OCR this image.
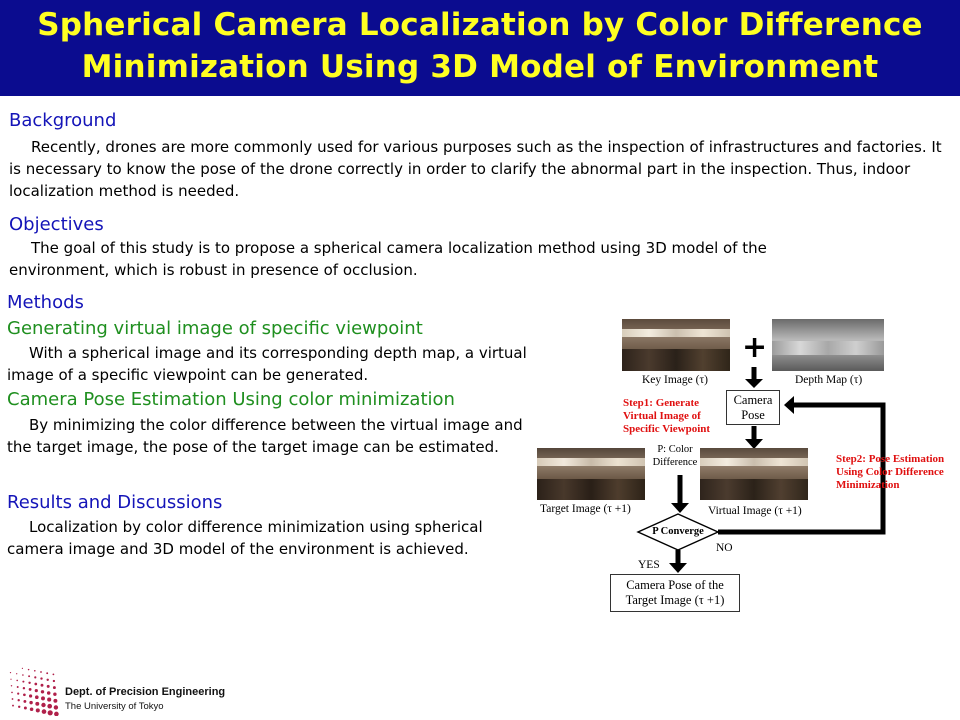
Spherical Camera Localization by Color Difference
Minimization Using 3D Model of Environment
Background
Recently, drones are more commonly used for various purposes such as the inspection of infrastructures and factories. It is necessary to know the pose of the drone correctly in order to clarify the abnormal part in the inspection. Thus, indoor localization method is needed.
Objectives
The goal of this study is to propose a spherical camera localization method using 3D model of the environment, which is robust in presence of occlusion.
Methods
Generating virtual image of specific viewpoint
With a spherical image and its corresponding depth map, a virtual image of a specific viewpoint can be generated.
Camera Pose Estimation Using color minimization
By minimizing the color difference between the virtual image and the target image, the pose of the target image can be estimated.
Results and Discussions
Localization by color difference minimization using spherical camera image and 3D model of the environment is achieved.
+
Key Image (τ)	Depth Map (τ)
Camera
Pose
Step1: Generate
Virtual Image of
Specific Viewpoint
Step2: Pose Estimation
Using Color Difference
Minimization
P: Color
Difference
Target Image (τ +1)	Virtual Image (τ +1)
P Converge
NO
YES
Camera Pose of the
Target Image (τ +1)
Dept. of Precision Engineering
The University of Tokyo
